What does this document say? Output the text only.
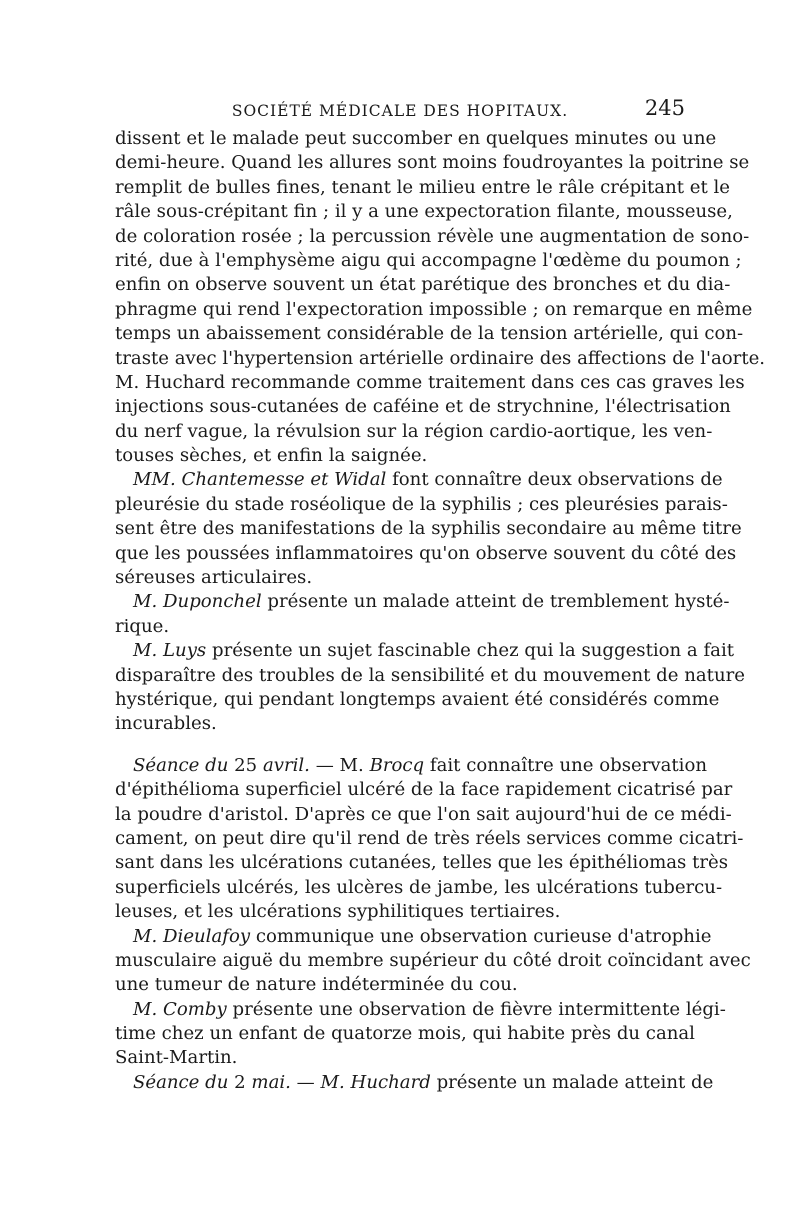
SOCIÉTÉ MÉDICALE DES HOPITAUX.	245
dissent et le malade peut succomber en quelques minutes ou une
demi-heure. Quand les allures sont moins foudroyantes la poitrine se
remplit de bulles fines, tenant le milieu entre le râle crépitant et le
râle sous-crépitant fin ; il y a une expectoration filante, mousseuse,
de coloration rosée ; la percussion révèle une augmentation de sono-
rité, due à l'emphysème aigu qui accompagne l'œdème du poumon ;
enfin on observe souvent un état parétique des bronches et du dia-
phragme qui rend l'expectoration impossible ; on remarque en même
temps un abaissement considérable de la tension artérielle, qui con-
traste avec l'hypertension artérielle ordinaire des affections de l'aorte.
M. Huchard recommande comme traitement dans ces cas graves les
injections sous-cutanées de caféine et de strychnine, l'électrisation
du nerf vague, la révulsion sur la région cardio-aortique, les ven-
touses sèches, et enfin la saignée.
MM. Chantemesse et Widal font connaître deux observations de
pleurésie du stade roséolique de la syphilis ; ces pleurésies parais-
sent être des manifestations de la syphilis secondaire au même titre
que les poussées inflammatoires qu'on observe souvent du côté des
séreuses articulaires.
M. Duponchel présente un malade atteint de tremblement hysté-
rique.
M. Luys présente un sujet fascinable chez qui la suggestion a fait
disparaître des troubles de la sensibilité et du mouvement de nature
hystérique, qui pendant longtemps avaient été considérés comme
incurables.
Séance du 25 avril. — M. Brocq fait connaître une observation
d'épithélioma superficiel ulcéré de la face rapidement cicatrisé par
la poudre d'aristol. D'après ce que l'on sait aujourd'hui de ce médi-
cament, on peut dire qu'il rend de très réels services comme cicatri-
sant dans les ulcérations cutanées, telles que les épithéliomas très
superficiels ulcérés, les ulcères de jambe, les ulcérations tubercu-
leuses, et les ulcérations syphilitiques tertiaires.
M. Dieulafoy communique une observation curieuse d'atrophie
musculaire aiguë du membre supérieur du côté droit coïncidant avec
une tumeur de nature indéterminée du cou.
M. Comby présente une observation de fièvre intermittente légi-
time chez un enfant de quatorze mois, qui habite près du canal
Saint-Martin.
Séance du 2 mai. — M. Huchard présente un malade atteint de
